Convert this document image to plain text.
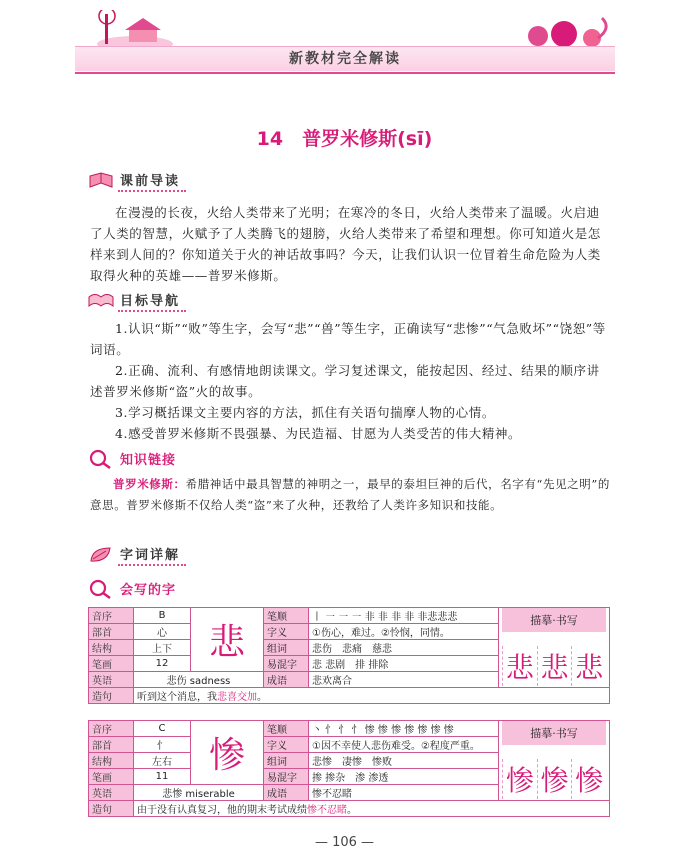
新教材完全解读
14　普罗米修斯(sī)
课前导读

在漫漫的长夜，火给人类带来了光明；在寒冷的冬日，火给人类带来了温暖。火启迪了人类的智慧，火赋予了人类腾飞的翅膀，火给人类带来了希望和理想。你可知道火是怎样来到人间的？你知道关于火的神话故事吗？今天，让我们认识一位冒着生命危险为人类取得火种的英雄——普罗米修斯。

目标导航

1.认识“斯”“败”等生字，会写“悲”“兽”等生字，正确读写“悲惨”“气急败坏”“饶恕”等词语。

2.正确、流利、有感情地朗读课文。学习复述课文，能按起因、经过、结果的顺序讲述普罗米修斯“盗”火的故事。

3.学习概括课文主要内容的方法，抓住有关语句揣摩人物的心情。

4.感受普罗米修斯不畏强暴、为民造福、甘愿为人类受苦的伟大精神。

知识链接

普罗米修斯：希腊神话中最具智慧的神明之一，最早的泰坦巨神的后代，名字有“先见之明”的意思。普罗米修斯不仅给人类“盗”来了火种，还教给了人类许多知识和技能。

字词详解
会写的字
音序	B	悲	笔顺	丨 ㇐ ㇐ ㇐ 非 非 非 非 非悲悲悲	描摹·书写
悲 悲 悲

部首	心		字义	①伤心，难过。②怜悯，同情。	
结构	上下		组词	悲伤　悲痛　慈悲	
笔画	12		易混字	悲 悲剧　排 排除	
英语	悲伤 sadness		成语	悲欢离合	
造句	听到这个消息，我悲喜交加。				
音序	C	惨	笔顺	丶 忄 忄 忄 惨 惨 惨 惨 惨 惨 惨	描摹·书写
惨 惨 惨

部首	忄		字义	①因不幸使人悲伤难受。②程度严重。	
结构	左右		组词	悲惨　凄惨　惨败	
笔画	11		易混字	掺 掺杂　渗 渗透	
英语	悲惨 miserable		成语	惨不忍睹	
造句	由于没有认真复习，他的期末考试成绩惨不忍睹。				
— 106 —
